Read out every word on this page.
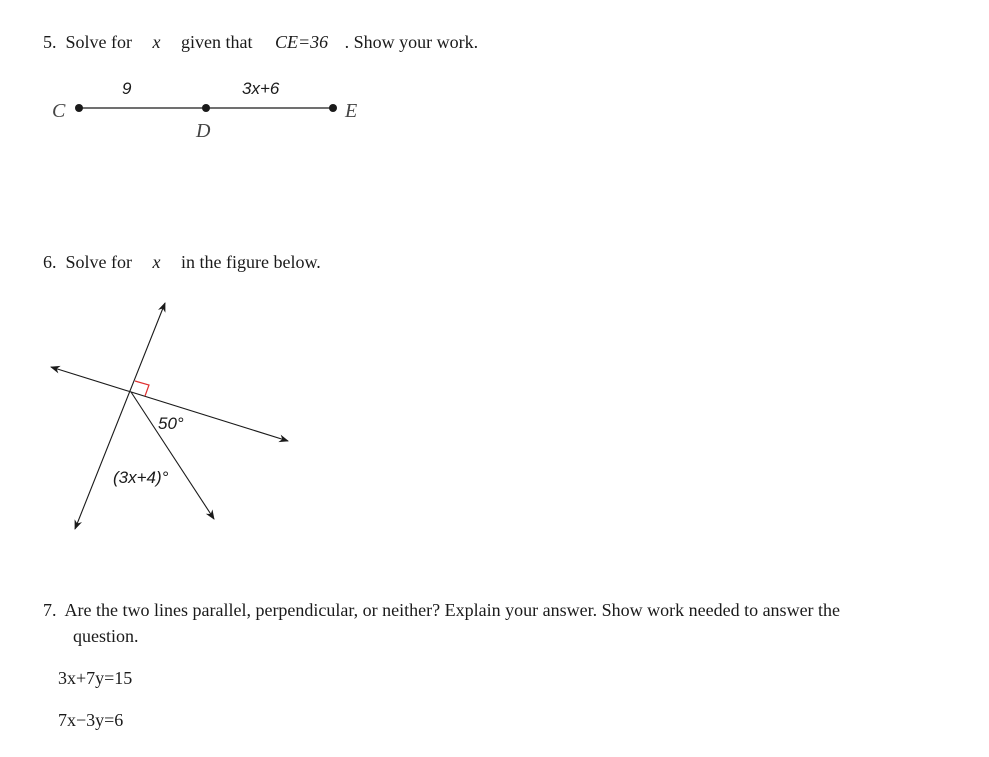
5. Solve for x given that CE=36 . Show your work.
C
D
E
9	3x+6
6. Solve for x in the figure below.
50°
(3x+4)°
7. Are the two lines parallel, perpendicular, or neither? Explain your answer. Show work needed to answer the
question.
3x+7y=15
7x−3y=6
